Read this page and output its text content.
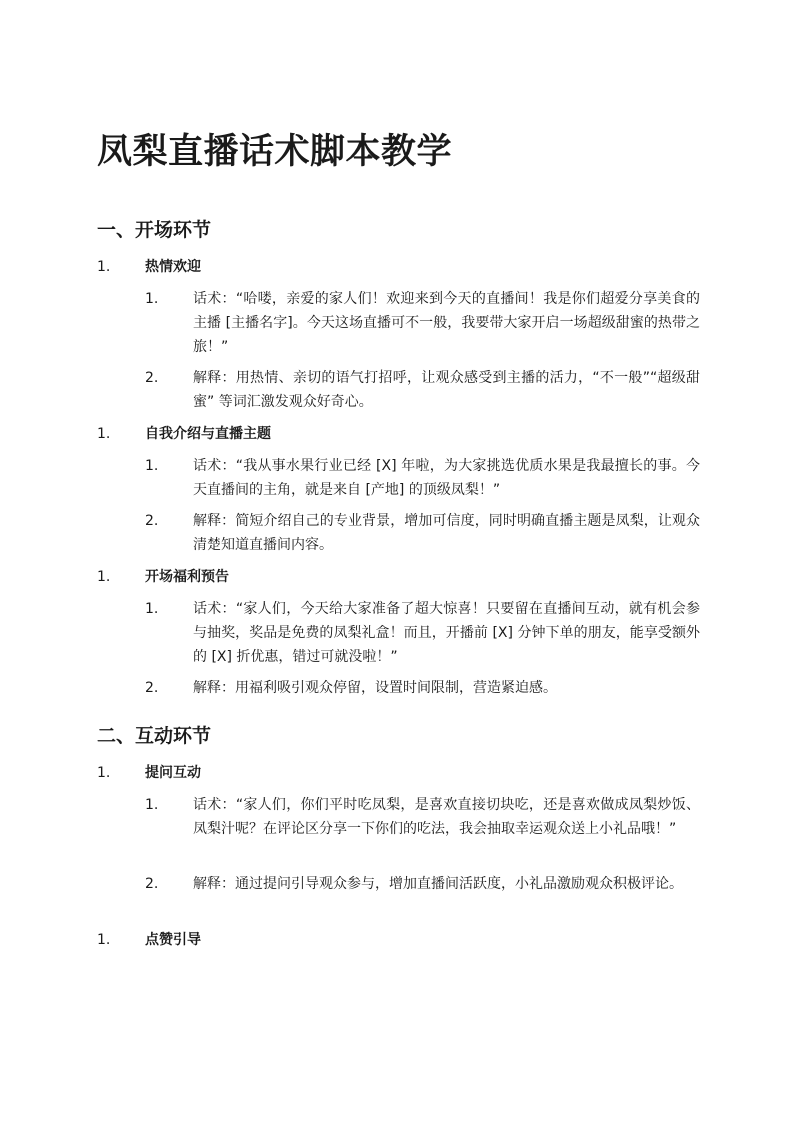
凤梨直播话术脚本教学
一、开场环节
1. 热情欢迎
1. 话术：“哈喽，亲爱的家人们！欢迎来到今天的直播间！我是你们超爱分享美食的主播 [主播名字]。今天这场直播可不一般，我要带大家开启一场超级甜蜜的热带之旅！”
2. 解释：用热情、亲切的语气打招呼，让观众感受到主播的活力，“不一般”“超级甜蜜” 等词汇激发观众好奇心。
1. 自我介绍与直播主题
1. 话术：“我从事水果行业已经 [X] 年啦，为大家挑选优质水果是我最擅长的事。今天直播间的主角，就是来自 [产地] 的顶级凤梨！”
2. 解释：简短介绍自己的专业背景，增加可信度，同时明确直播主题是凤梨，让观众清楚知道直播间内容。
1. 开场福利预告
1. 话术：“家人们，今天给大家准备了超大惊喜！只要留在直播间互动，就有机会参与抽奖，奖品是免费的凤梨礼盒！而且，开播前 [X] 分钟下单的朋友，能享受额外的 [X] 折优惠，错过可就没啦！”
2. 解释：用福利吸引观众停留，设置时间限制，营造紧迫感。
二、互动环节
1. 提问互动
1. 话术：“家人们，你们平时吃凤梨，是喜欢直接切块吃，还是喜欢做成凤梨炒饭、凤梨汁呢？在评论区分享一下你们的吃法，我会抽取幸运观众送上小礼品哦！”
2. 解释：通过提问引导观众参与，增加直播间活跃度，小礼品激励观众积极评论。
1. 点赞引导
